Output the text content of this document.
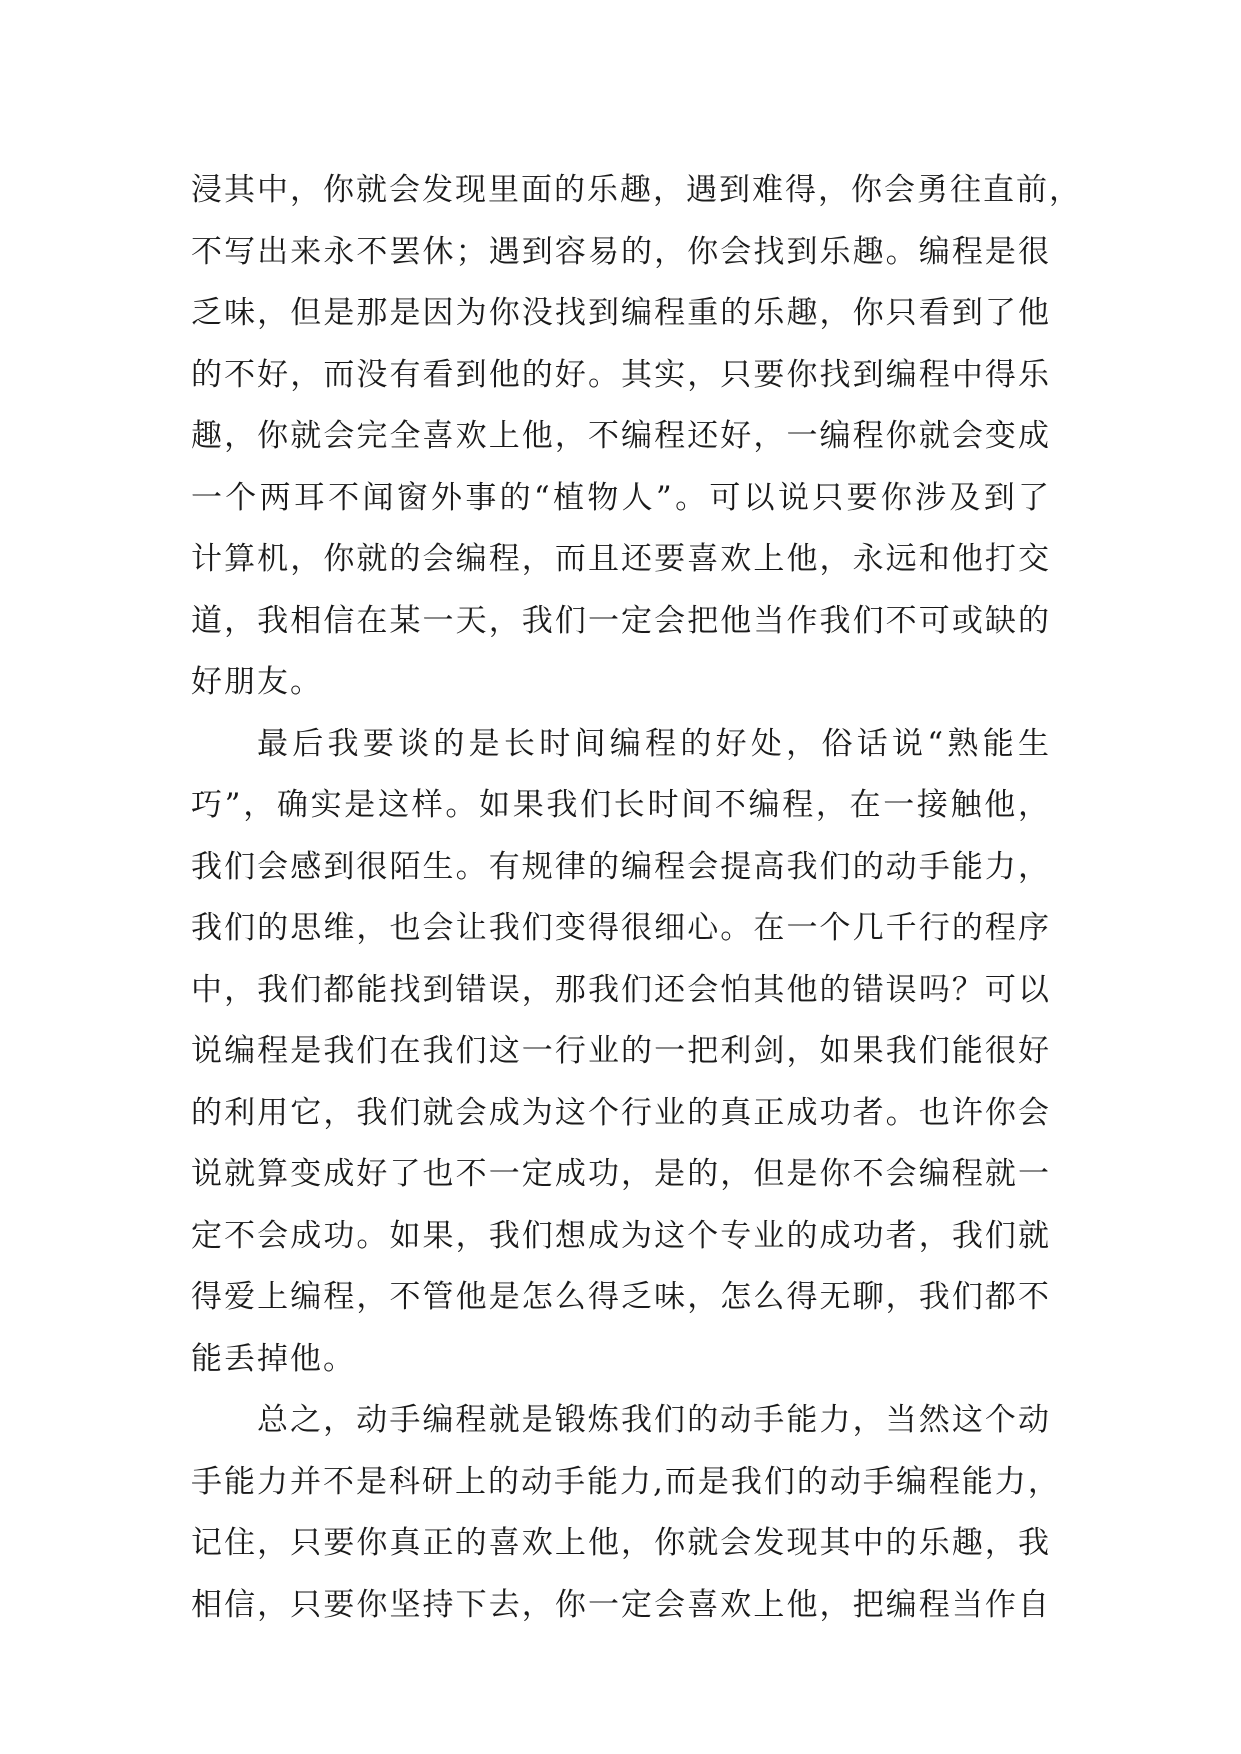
浸其中，你就会发现里面的乐趣，遇到难得，你会勇往直前，
不写出来永不罢休；遇到容易的，你会找到乐趣。编程是很
乏味，但是那是因为你没找到编程重的乐趣，你只看到了他
的不好，而没有看到他的好。其实，只要你找到编程中得乐
趣，你就会完全喜欢上他，不编程还好，一编程你就会变成
一个两耳不闻窗外事的“植物人”。可以说只要你涉及到了
计算机，你就的会编程，而且还要喜欢上他，永远和他打交
道，我相信在某一天，我们一定会把他当作我们不可或缺的
好朋友。
最后我要谈的是长时间编程的好处，俗话说“熟能生
巧”，确实是这样。如果我们长时间不编程，在一接触他，
我们会感到很陌生。有规律的编程会提高我们的动手能力，
我们的思维，也会让我们变得很细心。在一个几千行的程序
中，我们都能找到错误，那我们还会怕其他的错误吗？可以
说编程是我们在我们这一行业的一把利剑，如果我们能很好
的利用它，我们就会成为这个行业的真正成功者。也许你会
说就算变成好了也不一定成功，是的，但是你不会编程就一
定不会成功。如果，我们想成为这个专业的成功者，我们就
得爱上编程，不管他是怎么得乏味，怎么得无聊，我们都不
能丢掉他。
总之，动手编程就是锻炼我们的动手能力，当然这个动
手能力并不是科研上的动手能力,而是我们的动手编程能力，
记住，只要你真正的喜欢上他，你就会发现其中的乐趣，我
相信，只要你坚持下去，你一定会喜欢上他，把编程当作自
